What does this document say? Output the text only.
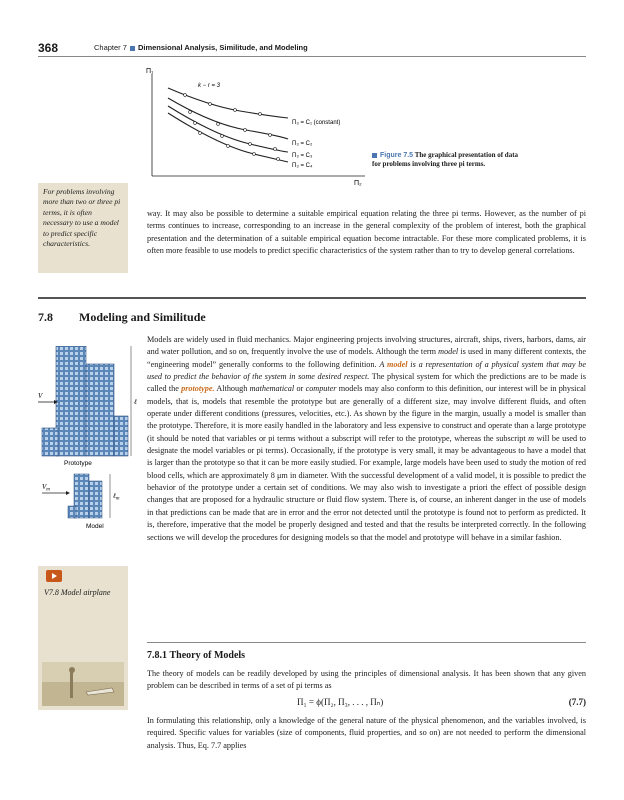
368	Chapter 7 Dimensional Analysis, Similitude, and Modeling
Π₁
Π₂
k − r = 3
Π₃ = C₁ (constant)
Π₃ = C₂
Π₃ = C₃
Π₃ = C₄
Figure 7.5 The graphical presentation of data for problems involving three pi terms.
For problems involving more than two or three pi terms, it is often necessary to use a model to predict specific characteristics.

way. It may also be possible to determine a suitable empirical equation relating the three pi terms. However, as the number of pi terms continues to increase, corresponding to an increase in the general complexity of the problem of interest, both the graphical presentation and the determination of a suitable empirical equation become intractable. For these more complicated problems, it is often more feasible to use models to predict specific characteristics of the system rather than to try to develop general correlations.

7.8 Modeling and Similitude
V
ℓ
Prototype
$V_m$
ℓ$_m$
Model

Models are widely used in fluid mechanics. Major engineering projects involving structures, aircraft, ships, rivers, harbors, dams, air and water pollution, and so on, frequently involve the use of models. Although the term model is used in many different contexts, the “engineering model” generally conforms to the following definition. A model is a representation of a physical system that may be used to predict the behavior of the system in some desired respect. The physical system for which the predictions are to be made is called the prototype. Although mathematical or computer models may also conform to this definition, our interest will be in physical models, that is, models that resemble the prototype but are generally of a different size, may involve different fluids, and often operate under different conditions (pressures, velocities, etc.). As shown by the figure in the margin, usually a model is smaller than the prototype. Therefore, it is more easily handled in the laboratory and less expensive to construct and operate than a large prototype (it should be noted that variables or pi terms without a subscript will refer to the prototype, whereas the subscript m will be used to designate the model variables or pi terms). Occasionally, if the prototype is very small, it may be advantageous to have a model that is larger than the prototype so that it can be more easily studied. For example, large models have been used to study the motion of red blood cells, which are approximately 8 μm in diameter. With the successful development of a valid model, it is possible to predict the behavior of the prototype under a certain set of conditions. We may also wish to investigate a priori the effect of possible design changes that are proposed for a hydraulic structure or fluid flow system. There is, of course, an inherent danger in the use of models in that predictions can be made that are in error and the error not detected until the prototype is found not to perform as predicted. It is, therefore, imperative that the model be properly designed and tested and that the results be interpreted correctly. In the following sections we will develop the procedures for designing models so that the model and prototype will behave in a similar fashion.

V7.8 Model airplane
7.8.1 Theory of Models

The theory of models can be readily developed by using the principles of dimensional analysis. It has been shown that any given problem can be described in terms of a set of pi terms as

Π₁ = ϕ(Π₂, Π₃, . . . , Πₙ)	(7.7)

In formulating this relationship, only a knowledge of the general nature of the physical phenomenon, and the variables involved, is required. Specific values for variables (size of components, fluid properties, and so on) are not needed to perform the dimensional analysis. Thus, Eq. 7.7 applies
